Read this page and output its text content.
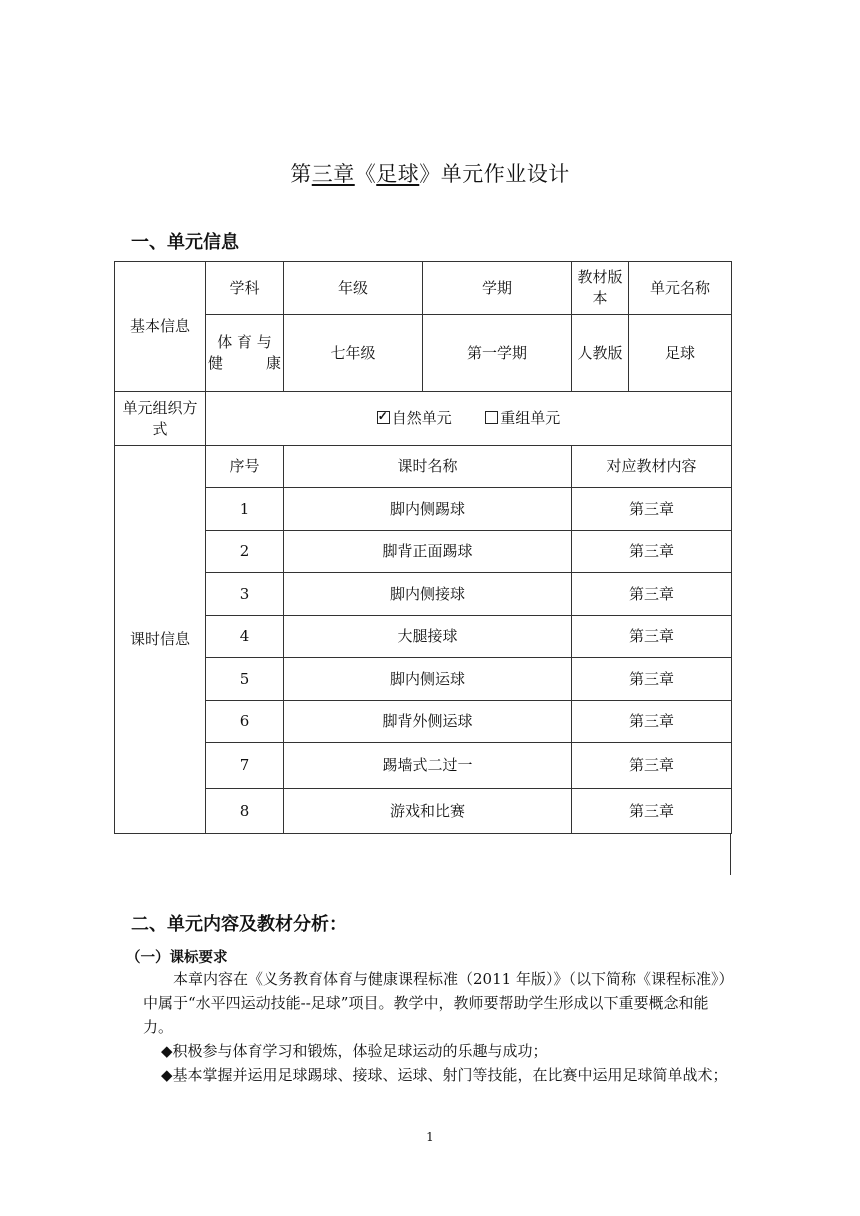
第三章《足球》单元作业设计
一、单元信息
基本信息	学科	年级	学期	教材版本	单元名称
	体 育 与 健 康	七年级	第一学期	人教版	足球
单元组织方式	✓自然单元 重组单元
课时信息	序号	课时名称		对应教材内容	
	1	脚内侧踢球		第三章	
	2	脚背正面踢球		第三章	
	3	脚内侧接球		第三章	
	4	大腿接球		第三章	
	5	脚内侧运球		第三章	
	6	脚背外侧运球		第三章	
	7	踢墙式二过一		第三章	
	8	游戏和比赛		第三章	
二、单元内容及教材分析：
（一）课标要求

本章内容在《义务教育体育与健康课程标准（2011 年版）》（以下简称《课程标准》）中属于“水平四运动技能--足球”项目。教学中，教师要帮助学生形成以下重要概念和能力。

◆积极参与体育学习和锻炼，体验足球运动的乐趣与成功；

◆基本掌握并运用足球踢球、接球、运球、射门等技能，在比赛中运用足球简单战术；

1
